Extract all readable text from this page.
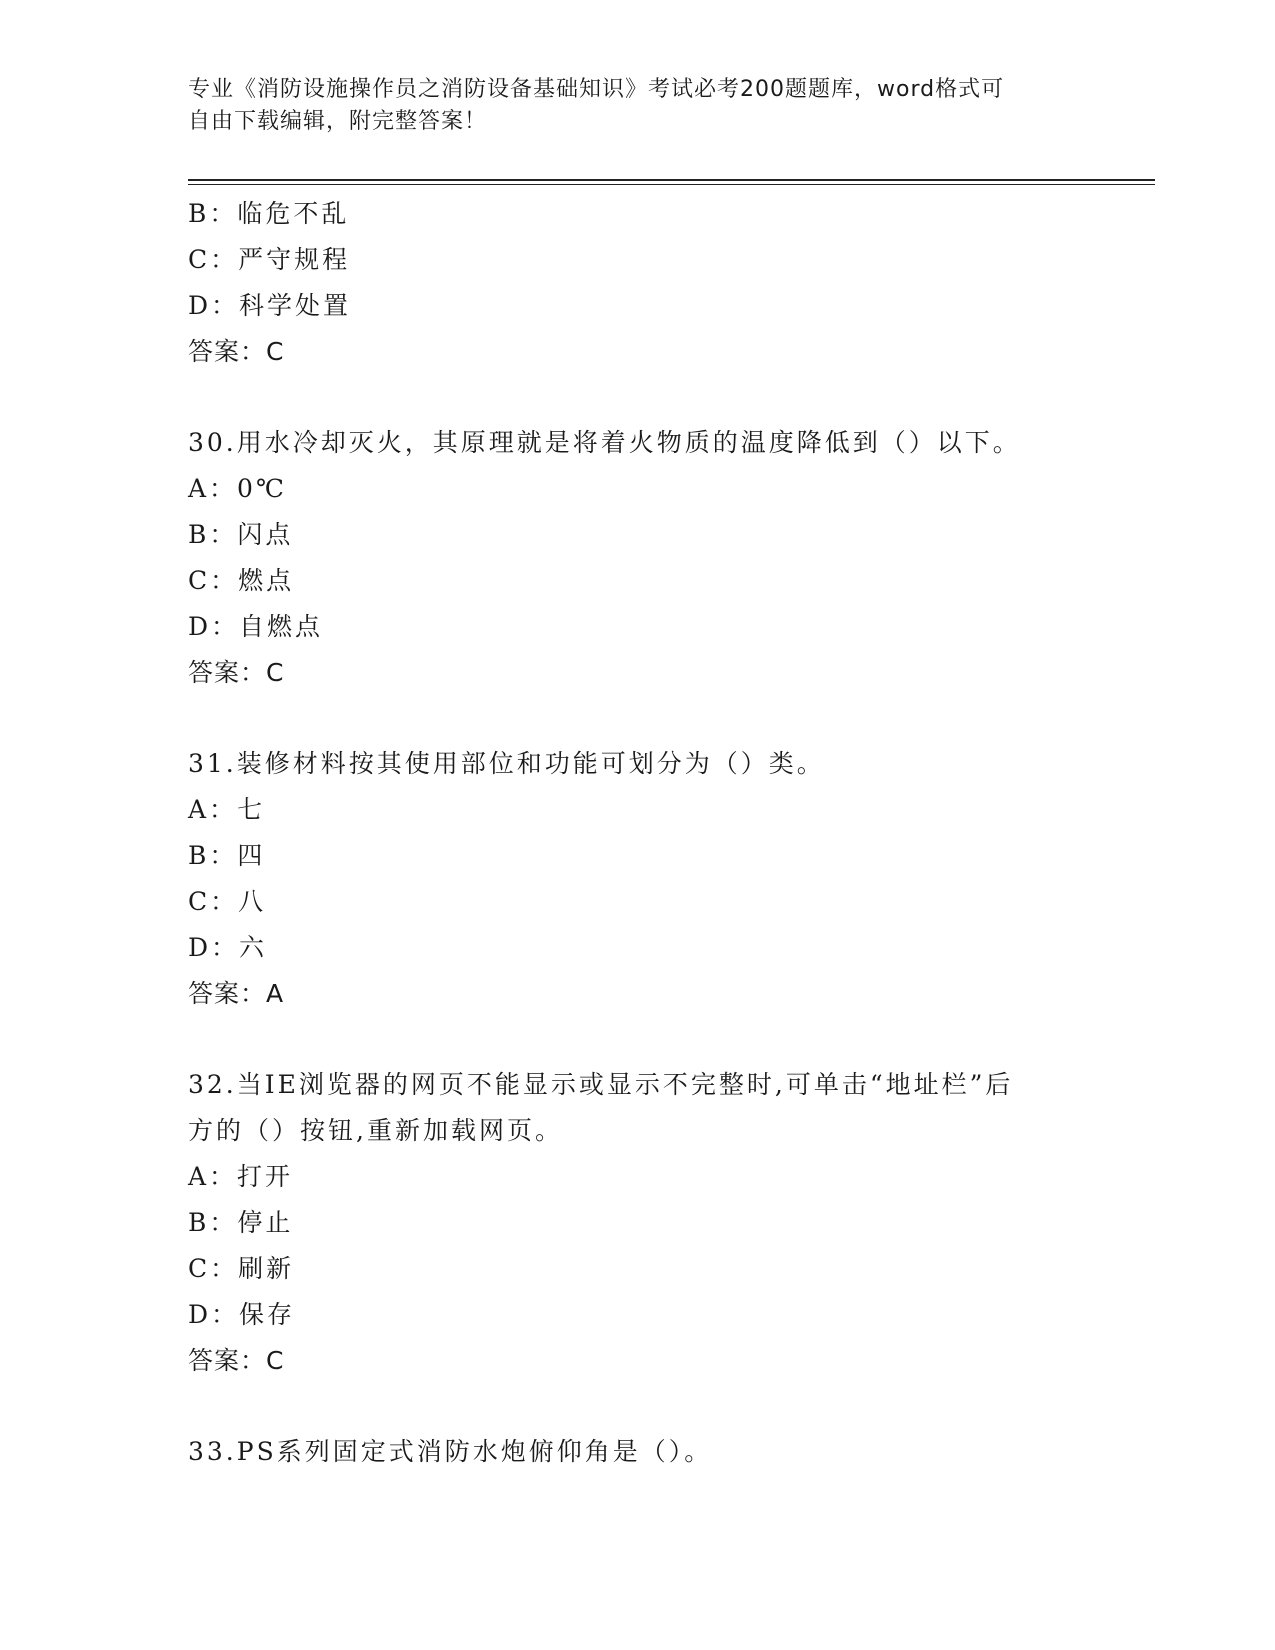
专业《消防设施操作员之消防设备基础知识》考试必考200题题库，word格式可
自由下载编辑，附完整答案！
B：临危不乱
C：严守规程
D：科学处置
答案：C
30.用水冷却灭火，其原理就是将着火物质的温度降低到（）以下。
A：0℃
B：闪点
C：燃点
D：自燃点
答案：C
31.装修材料按其使用部位和功能可划分为（）类。
A：七
B：四
C：八
D：六
答案：A
32.当IE浏览器的网页不能显示或显示不完整时,可单击“地址栏”后
方的（）按钮,重新加载网页。
A：打开
B：停止
C：刷新
D：保存
答案：C
33.PS系列固定式消防水炮俯仰角是（）。
